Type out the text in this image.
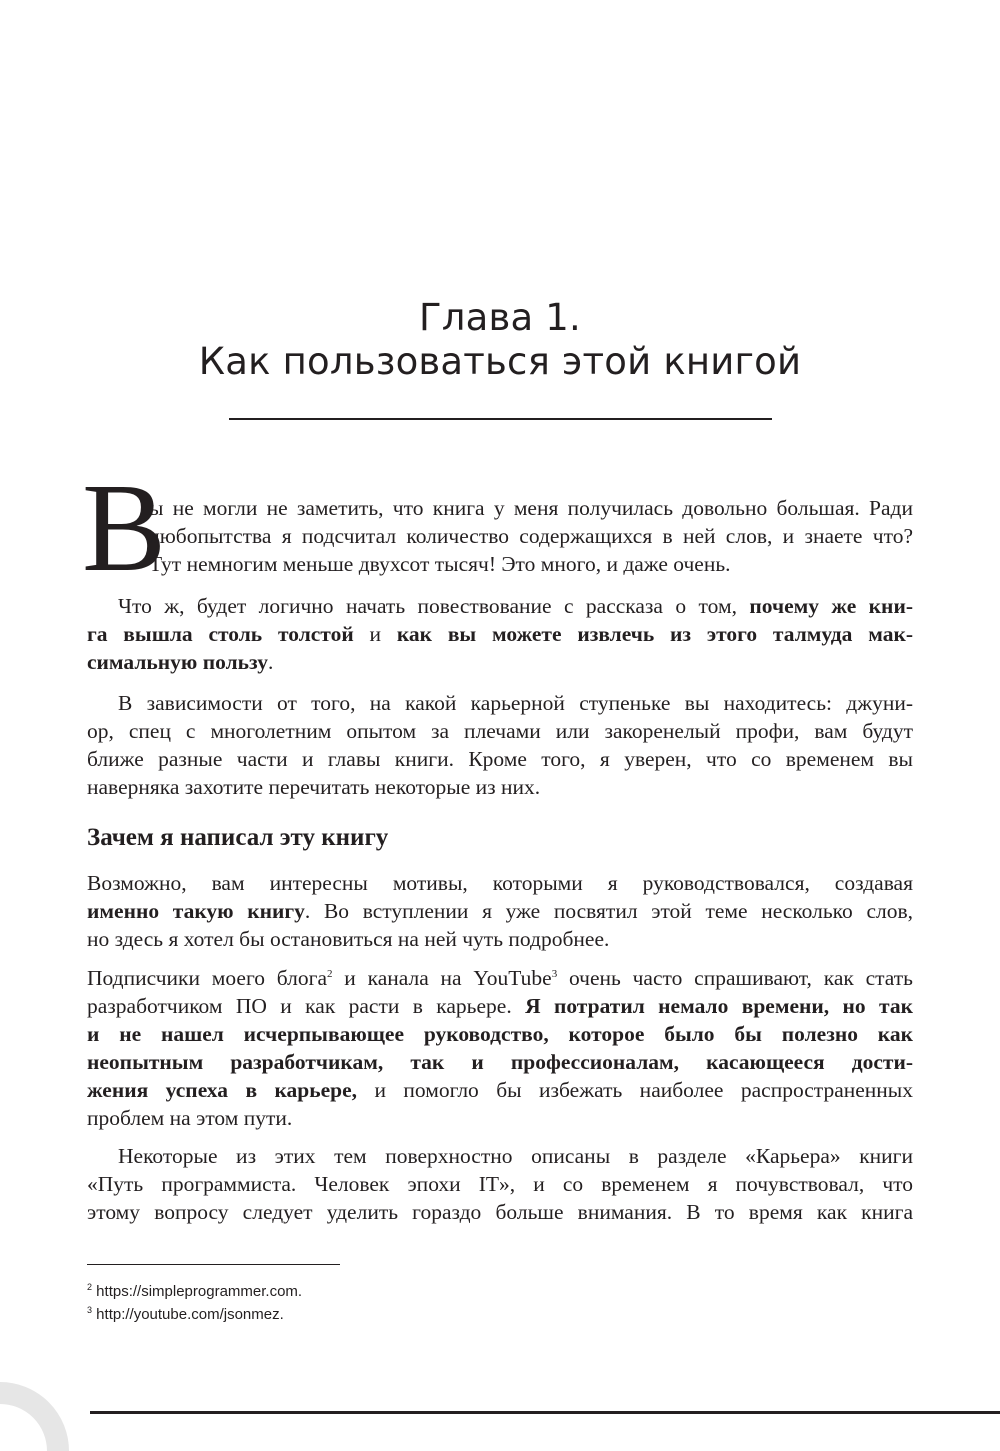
Глава 1.
Как пользоваться этой книгой
В
ы не могли не заметить, что книга у меня получилась довольно большая. Ради
любопытства я подсчитал количество содержащихся в ней слов, и знаете что?
Тут немногим меньше двухсот тысяч! Это много, и даже очень.
Что ж, будет логично начать повествование с рассказа о том, почему же кни-
га вышла столь толстой и как вы можете извлечь из этого талмуда мак-
симальную пользу.
В зависимости от того, на какой карьерной ступеньке вы находитесь: джуни-
ор, спец с многолетним опытом за плечами или закоренелый профи, вам будут
ближе разные части и главы книги. Кроме того, я уверен, что со временем вы
наверняка захотите перечитать некоторые из них.
Зачем я написал эту книгу
Возможно, вам интересны мотивы, которыми я руководствовался, создавая
именно такую книгу. Во вступлении я уже посвятил этой теме несколько слов,
но здесь я хотел бы остановиться на ней чуть подробнее.
Подписчики моего блога$^2$ и канала на YouTube$^3$ очень часто спрашивают, как стать
разработчиком ПО и как расти в карьере. Я потратил немало времени, но так
и не нашел исчерпывающее руководство, которое было бы полезно как
неопытным разработчикам, так и профессионалам, касающееся дости-
жения успеха в карьере, и помогло бы избежать наиболее распространенных
проблем на этом пути.
Некоторые из этих тем поверхностно описаны в разделе «Карьера» книги
«Путь программиста. Человек эпохи IT», и со временем я почувствовал, что
этому вопросу следует уделить гораздо больше внимания. В то время как книга
$^2$ https://simpleprogrammer.com.
$^3$ http://youtube.com/jsonmez.
